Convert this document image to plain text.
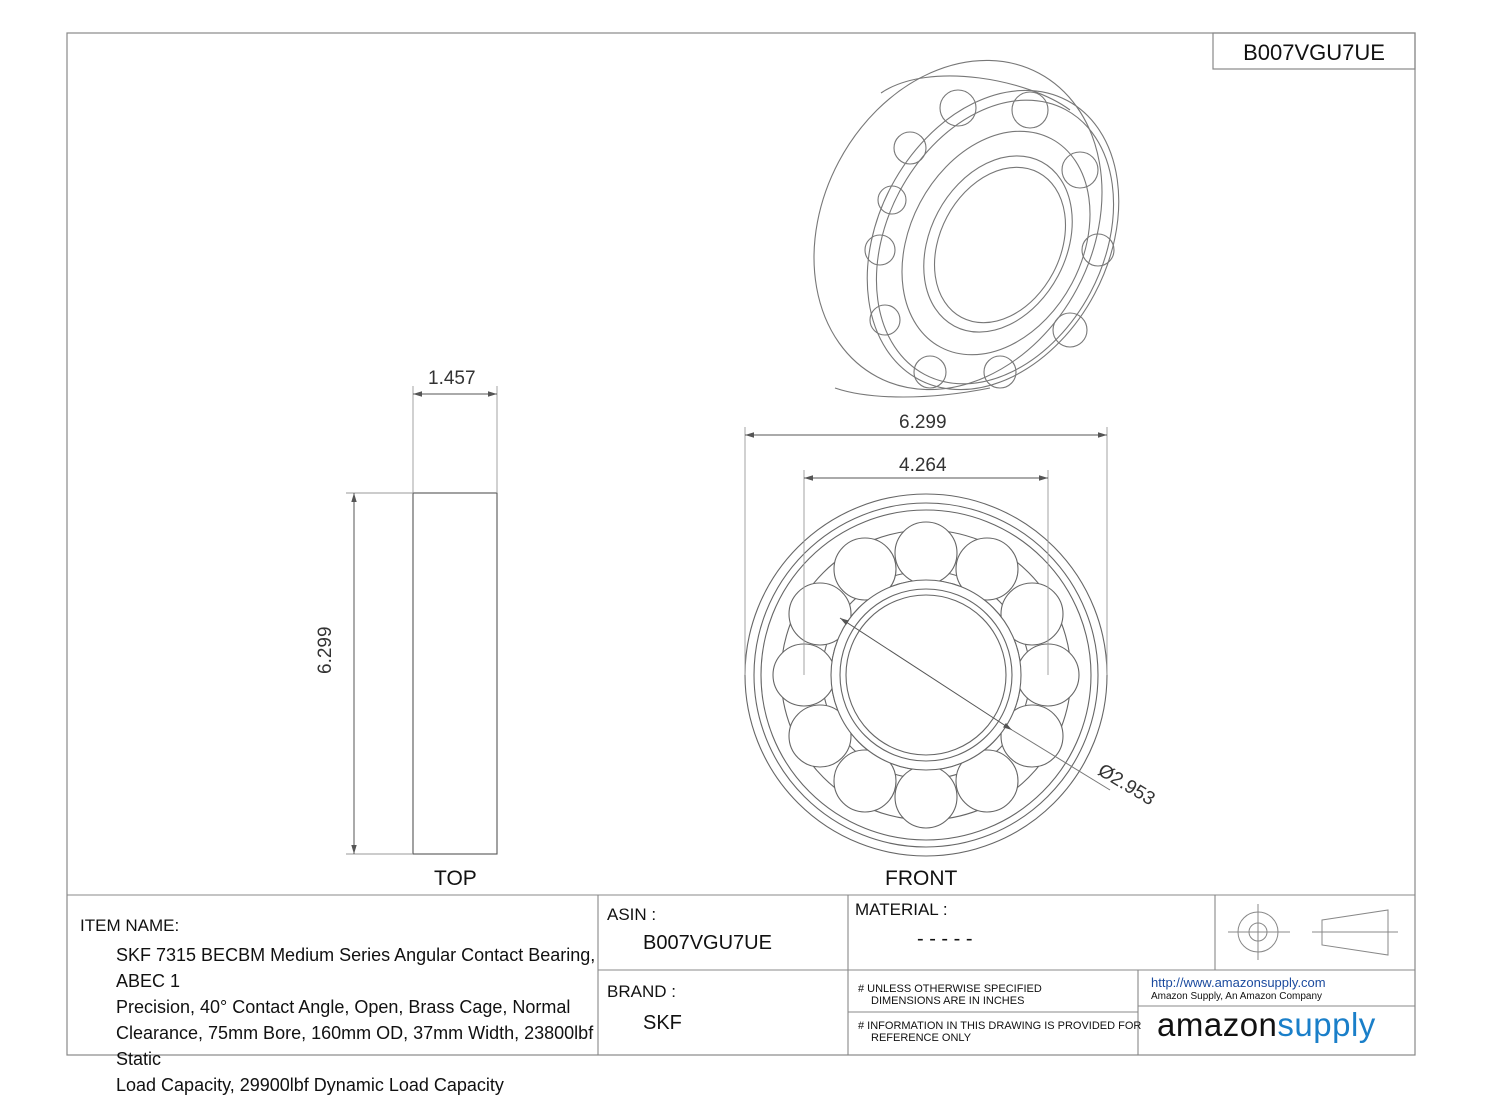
B007VGU7UE
1.457
6.299
TOP
6.299
4.264
Ø2.953
FRONT
ITEM NAME:
SKF 7315 BECBM Medium Series Angular Contact Bearing, ABEC 1
Precision, 40° Contact Angle, Open, Brass Cage, Normal
Clearance, 75mm Bore, 160mm OD, 37mm Width, 23800lbf Static
Load Capacity, 29900lbf Dynamic Load Capacity
ASIN :
B007VGU7UE
BRAND :
SKF
MATERIAL :
- - - - -
# UNLESS OTHERWISE SPECIFIED
DIMENSIONS ARE IN INCHES
# INFORMATION IN THIS DRAWING IS PROVIDED FOR
REFERENCE ONLY
http://www.amazonsupply.com
Amazon Supply, An Amazon Company
amazonsupply
